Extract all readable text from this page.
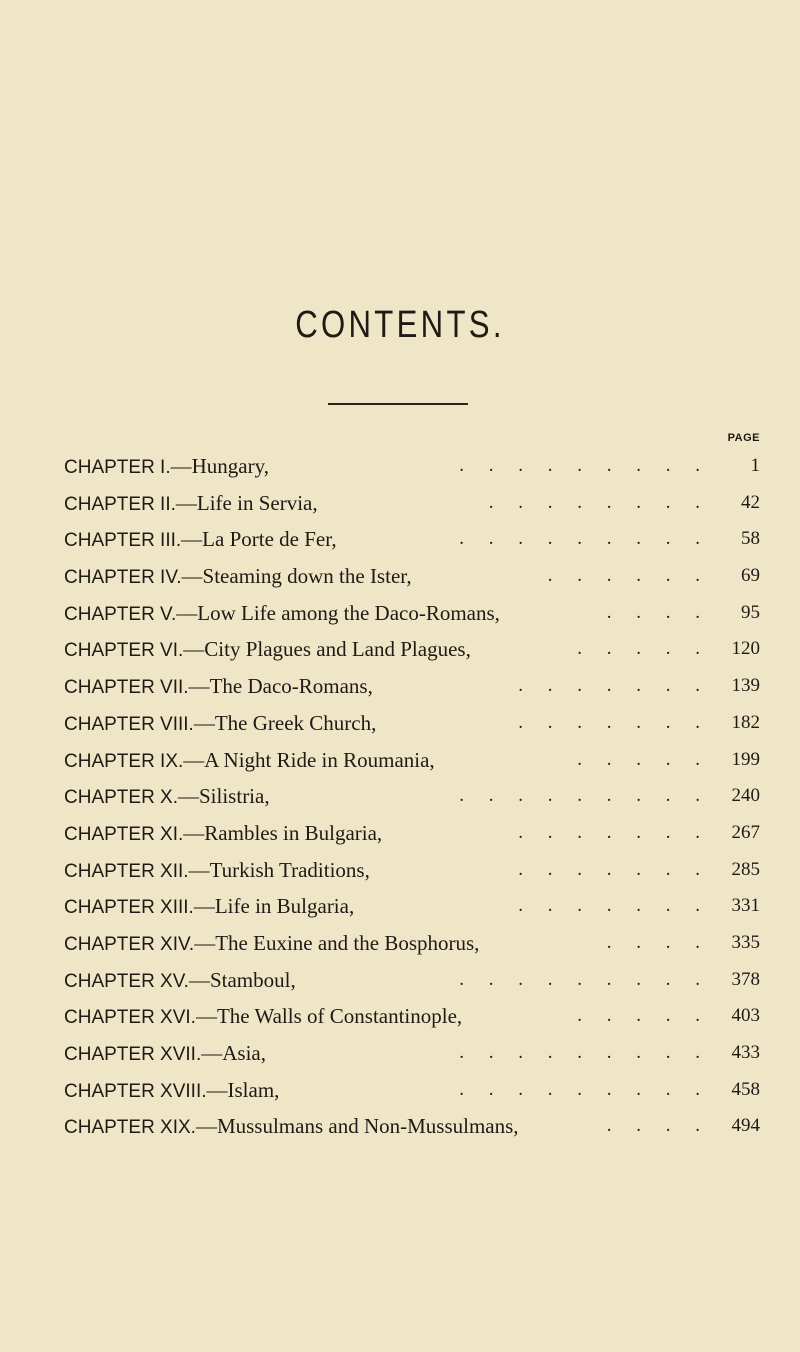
CONTENTS.
PAGE
CHAPTER I.—Hungary,	. . . . . . . . . 1
CHAPTER II.—Life in Servia,	. . . . . . . . 42
CHAPTER III.—La Porte de Fer,	. . . . . . . . . 58
CHAPTER IV.—Steaming down the Ister,	. . . . . . 69
CHAPTER V.—Low Life among the Daco-Romans,	. . . . 95
CHAPTER VI.—City Plagues and Land Plagues,	. . . . . 120
CHAPTER VII.—The Daco-Romans,	. . . . . . . 139
CHAPTER VIII.—The Greek Church,	. . . . . . . 182
CHAPTER IX.—A Night Ride in Roumania,	. . . . . 199
CHAPTER X.—Silistria,	. . . . . . . . . 240
CHAPTER XI.—Rambles in Bulgaria,	. . . . . . . 267
CHAPTER XII.—Turkish Traditions,	. . . . . . . 285
CHAPTER XIII.—Life in Bulgaria,	. . . . . . . 331
CHAPTER XIV.—The Euxine and the Bosphorus,	. . . . 335
CHAPTER XV.—Stamboul,	. . . . . . . . . 378
CHAPTER XVI.—The Walls of Constantinople,	. . . . . 403
CHAPTER XVII.—Asia,	. . . . . . . . . 433
CHAPTER XVIII.—Islam,	. . . . . . . . . 458
CHAPTER XIX.—Mussulmans and Non-Mussulmans,	. . . . 494
